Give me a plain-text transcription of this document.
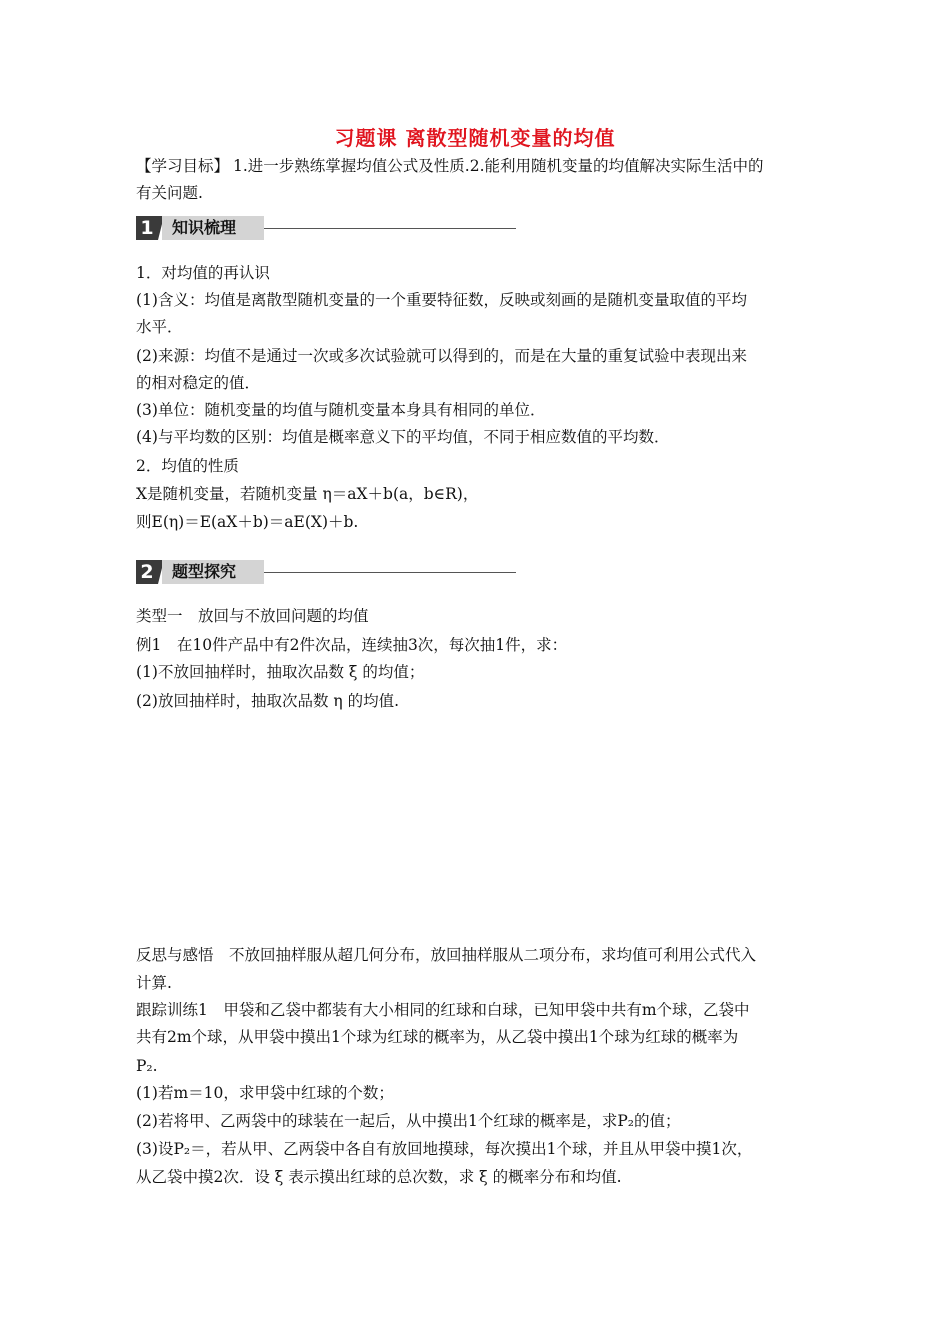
习题课 离散型随机变量的均值
【学习目标】 1.进一步熟练掌握均值公式及性质.2.能利用随机变量的均值解决实际生活中的
有关问题.
1	知识梳理
1．对均值的再认识
(1)含义：均值是离散型随机变量的一个重要特征数，反映或刻画的是随机变量取值的平均
水平．
(2)来源：均值不是通过一次或多次试验就可以得到的，而是在大量的重复试验中表现出来
的相对稳定的值．
(3)单位：随机变量的均值与随机变量本身具有相同的单位．
(4)与平均数的区别：均值是概率意义下的平均值，不同于相应数值的平均数．
2．均值的性质
X是随机变量，若随机变量 η＝aX＋b(a，b∈R)，
则E(η)＝E(aX＋b)＝aE(X)＋b.
2	题型探究
类型一　放回与不放回问题的均值
例1　在10件产品中有2件次品，连续抽3次，每次抽1件，求：
(1)不放回抽样时，抽取次品数 ξ 的均值；
(2)放回抽样时，抽取次品数 η 的均值.
反思与感悟　不放回抽样服从超几何分布，放回抽样服从二项分布，求均值可利用公式代入
计算.
跟踪训练1　甲袋和乙袋中都装有大小相同的红球和白球，已知甲袋中共有m个球，乙袋中
共有2m个球，从甲袋中摸出1个球为红球的概率为，从乙袋中摸出1个球为红球的概率为
P₂.
(1)若m＝10，求甲袋中红球的个数；
(2)若将甲、乙两袋中的球装在一起后，从中摸出1个红球的概率是，求P₂的值；
(3)设P₂＝，若从甲、乙两袋中各自有放回地摸球，每次摸出1个球，并且从甲袋中摸1次，
从乙袋中摸2次．设 ξ 表示摸出红球的总次数，求 ξ 的概率分布和均值.
